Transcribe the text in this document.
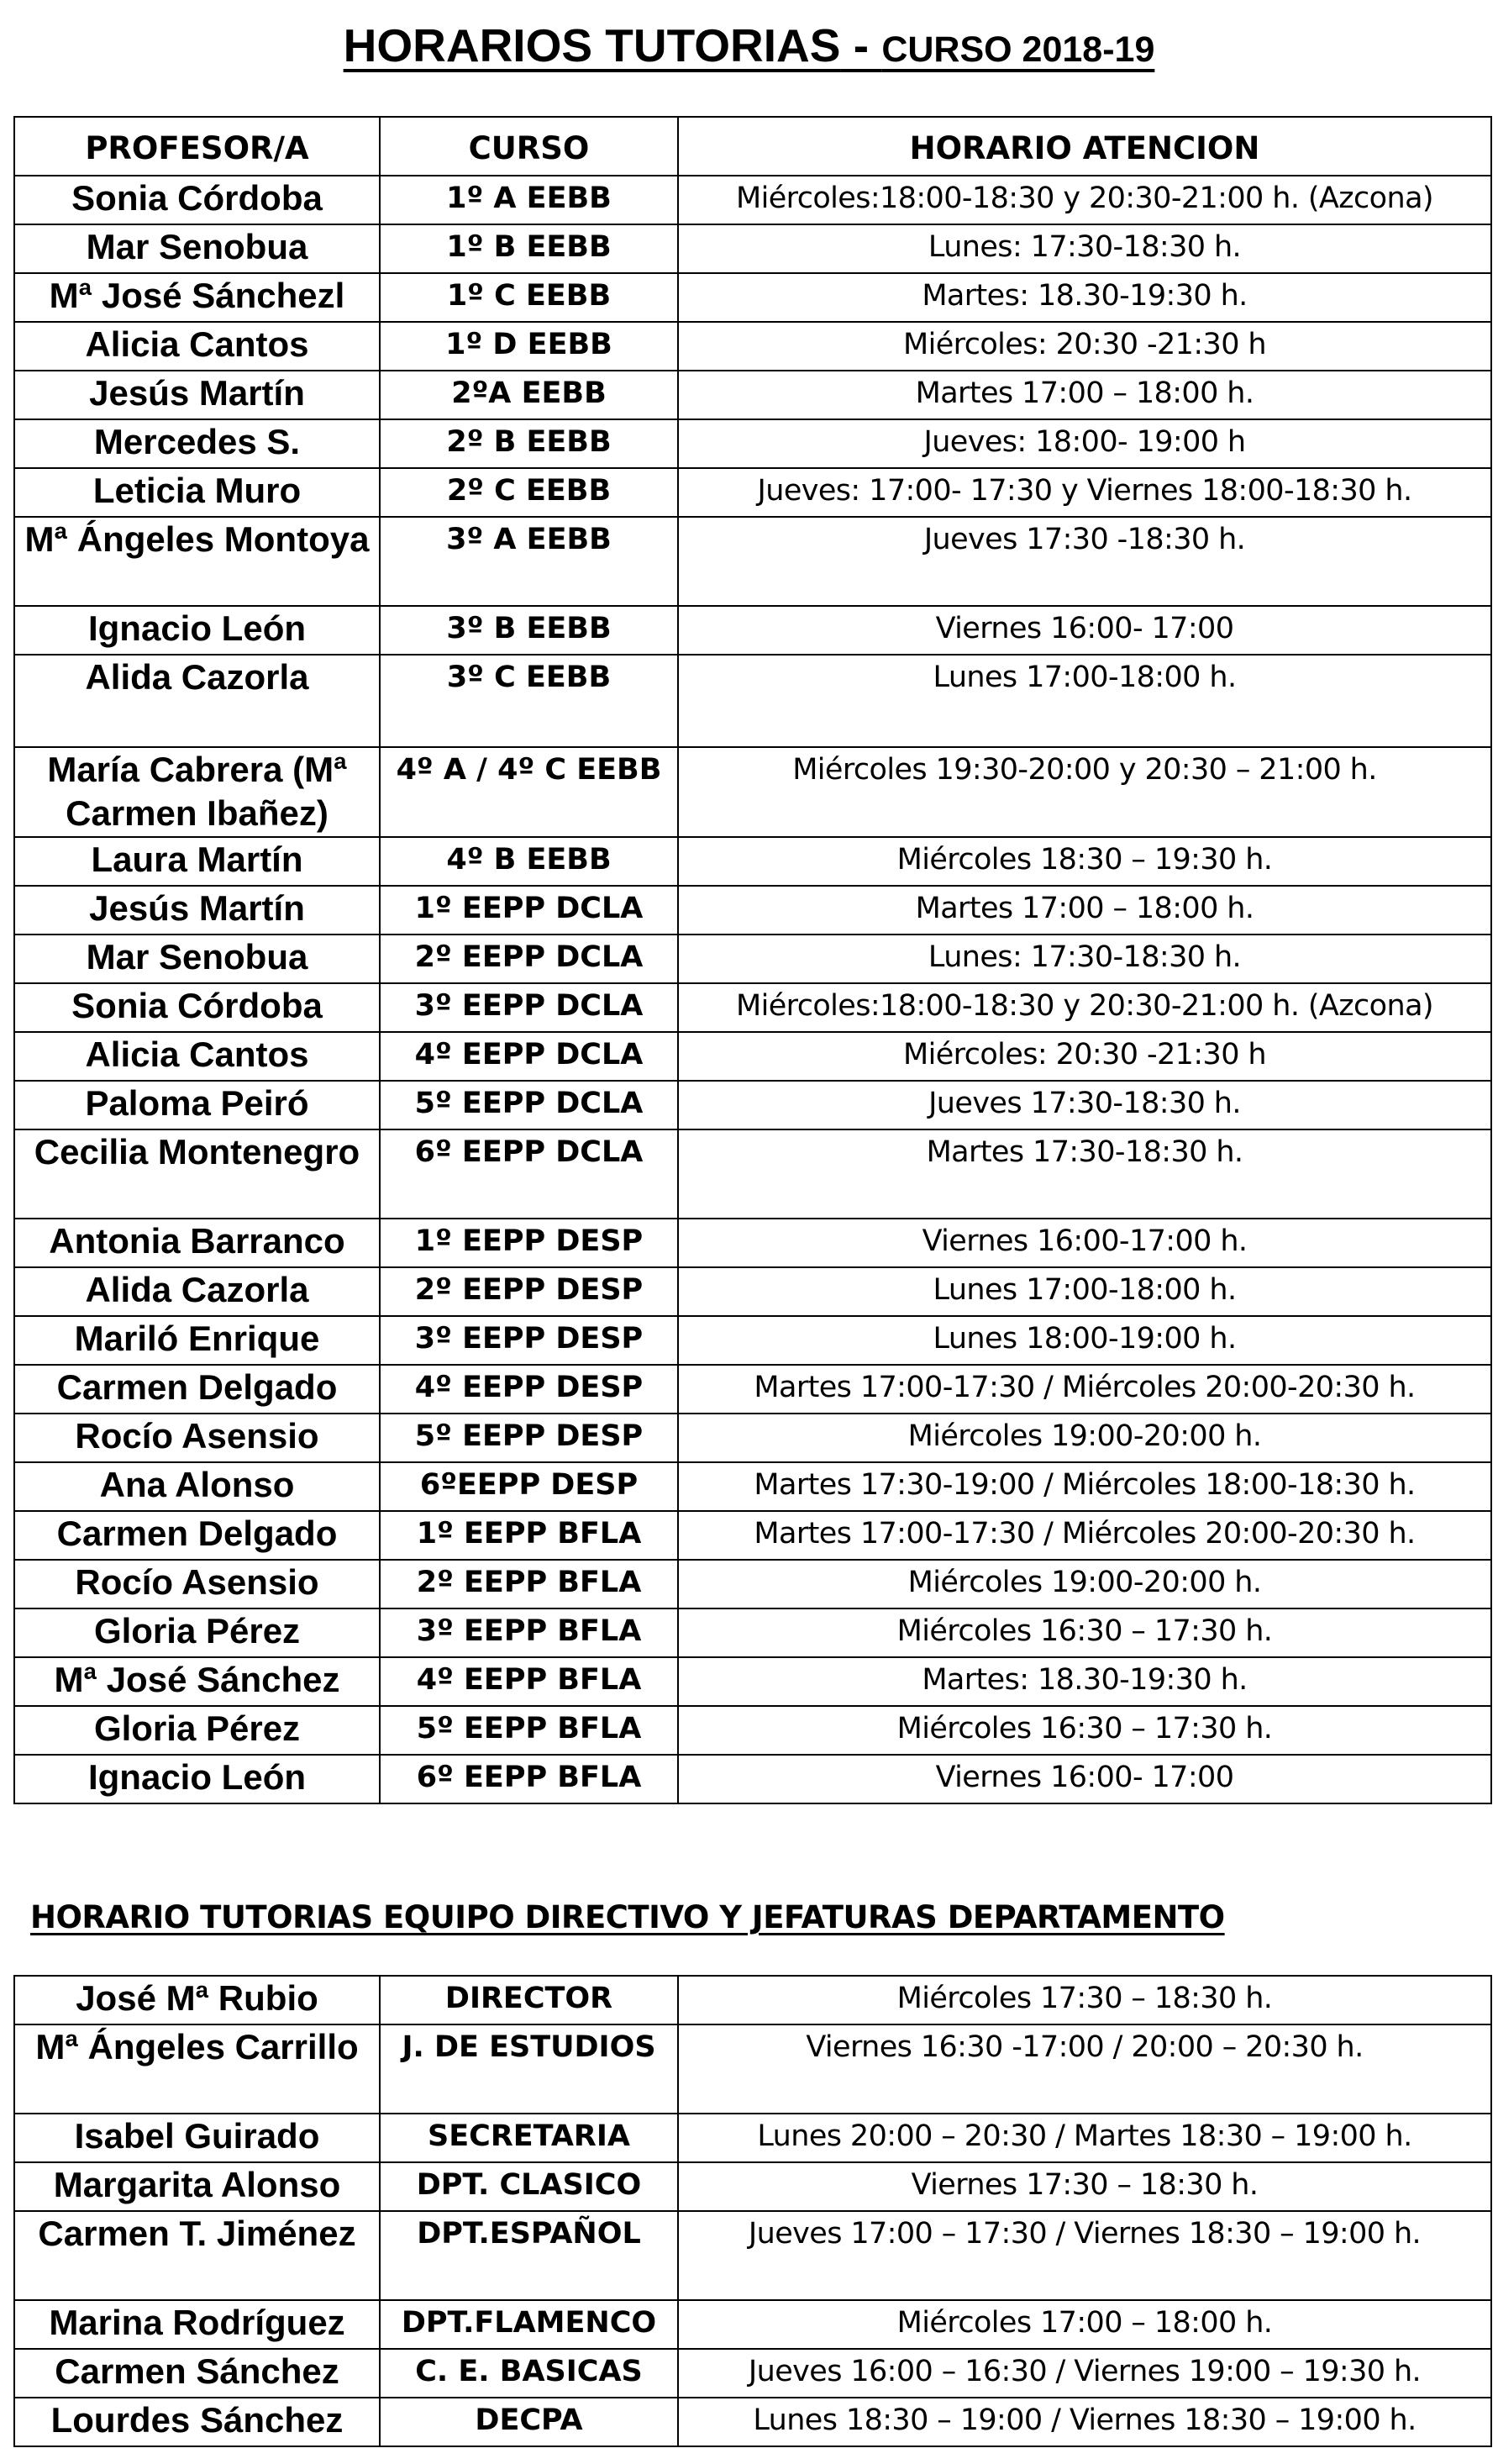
HORARIOS TUTORIAS - CURSO 2018-19
PROFESOR/A	CURSO	HORARIO ATENCION
Sonia Córdoba	1º A EEBB	Miércoles:18:00-18:30 y 20:30-21:00 h. (Azcona)
Mar Senobua	1º B EEBB	Lunes: 17:30-18:30 h.
Mª José Sánchezl	1º C EEBB	Martes: 18.30-19:30 h.
Alicia Cantos	1º D EEBB	Miércoles: 20:30 -21:30 h
Jesús Martín	2ºA EEBB	Martes 17:00 – 18:00 h.
Mercedes S.	2º B EEBB	Jueves: 18:00- 19:00 h
Leticia Muro	2º C EEBB	Jueves: 17:00- 17:30 y Viernes 18:00-18:30 h.
Mª Ángeles Montoya	3º A EEBB	Jueves 17:30 -18:30 h.
Ignacio León	3º B EEBB	Viernes 16:00- 17:00
Alida Cazorla	3º C EEBB	Lunes 17:00-18:00 h.
María Cabrera (Mª Carmen Ibañez)	4º A / 4º C EEBB	Miércoles 19:30-20:00 y 20:30 – 21:00 h.
Laura Martín	4º B EEBB	Miércoles 18:30 – 19:30 h.
Jesús Martín	1º EEPP DCLA	Martes 17:00 – 18:00 h.
Mar Senobua	2º EEPP DCLA	Lunes: 17:30-18:30 h.
Sonia Córdoba	3º EEPP DCLA	Miércoles:18:00-18:30 y 20:30-21:00 h. (Azcona)
Alicia Cantos	4º EEPP DCLA	Miércoles: 20:30 -21:30 h
Paloma Peiró	5º EEPP DCLA	Jueves 17:30-18:30 h.
Cecilia Montenegro	6º EEPP DCLA	Martes 17:30-18:30 h.
Antonia Barranco	1º EEPP DESP	Viernes 16:00-17:00 h.
Alida Cazorla	2º EEPP DESP	Lunes 17:00-18:00 h.
Mariló Enrique	3º EEPP DESP	Lunes 18:00-19:00 h.
Carmen Delgado	4º EEPP DESP	Martes 17:00-17:30 / Miércoles 20:00-20:30 h.
Rocío Asensio	5º EEPP DESP	Miércoles 19:00-20:00 h.
Ana Alonso	6ºEEPP DESP	Martes 17:30-19:00 / Miércoles 18:00-18:30 h.
Carmen Delgado	1º EEPP BFLA	Martes 17:00-17:30 / Miércoles 20:00-20:30 h.
Rocío Asensio	2º EEPP BFLA	Miércoles 19:00-20:00 h.
Gloria Pérez	3º EEPP BFLA	Miércoles 16:30 – 17:30 h.
Mª José Sánchez	4º EEPP BFLA	Martes: 18.30-19:30 h.
Gloria Pérez	5º EEPP BFLA	Miércoles 16:30 – 17:30 h.
Ignacio León	6º EEPP BFLA	Viernes 16:00- 17:00
HORARIO TUTORIAS EQUIPO DIRECTIVO Y JEFATURAS DEPARTAMENTO
José Mª Rubio	DIRECTOR	Miércoles 17:30 – 18:30 h.
Mª Ángeles Carrillo	J. DE ESTUDIOS	Viernes 16:30 -17:00 / 20:00 – 20:30 h.
Isabel Guirado	SECRETARIA	Lunes 20:00 – 20:30 / Martes 18:30 – 19:00 h.
Margarita Alonso	DPT. CLASICO	Viernes 17:30 – 18:30 h.
Carmen T. Jiménez	DPT.ESPAÑOL	Jueves 17:00 – 17:30 / Viernes 18:30 – 19:00 h.
Marina Rodríguez	DPT.FLAMENCO	Miércoles 17:00 – 18:00 h.
Carmen Sánchez	C. E. BASICAS	Jueves 16:00 – 16:30 / Viernes 19:00 – 19:30 h.
Lourdes Sánchez	DECPA	Lunes 18:30 – 19:00 / Viernes 18:30 – 19:00 h.
